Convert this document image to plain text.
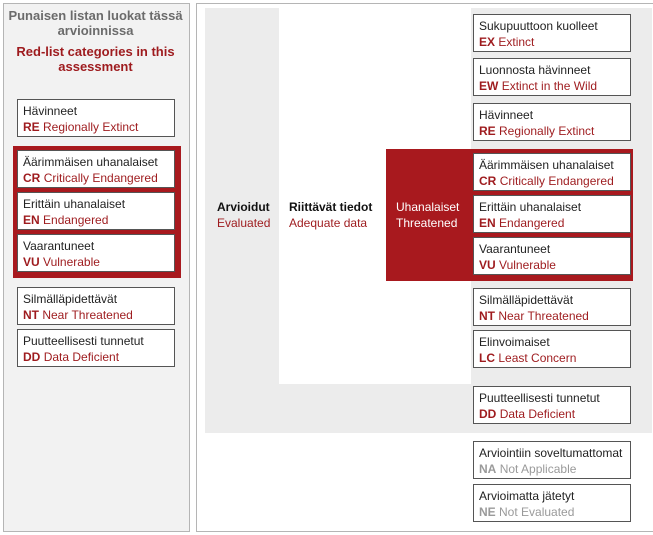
Punaisen listan luokat tässä arvioinnissa
Red-list categories in this assessment
Hävinneet
RE Regionally Extinct
Äärimmäisen uhanalaiset
CR Critically Endangered
Erittäin uhanalaiset
EN Endangered
Vaarantuneet
VU Vulnerable
Silmälläpidettävät
NT Near Threatened
Puutteellisesti tunnetut
DD Data Deficient
Arvioidut
Evaluated
Riittävät tiedot
Adequate data
Uhanalaiset
Threatened
Sukupuuttoon kuolleet
EX Extinct
Luonnosta hävinneet
EW Extinct in the Wild
Hävinneet
RE Regionally Extinct
Äärimmäisen uhanalaiset
CR Critically Endangered
Erittäin uhanalaiset
EN Endangered
Vaarantuneet
VU Vulnerable
Silmälläpidettävät
NT Near Threatened
Elinvoimaiset
LC Least Concern
Puutteellisesti tunnetut
DD Data Deficient
Arviointiin soveltumattomat
NA Not Applicable
Arvioimatta jätetyt
NE Not Evaluated
